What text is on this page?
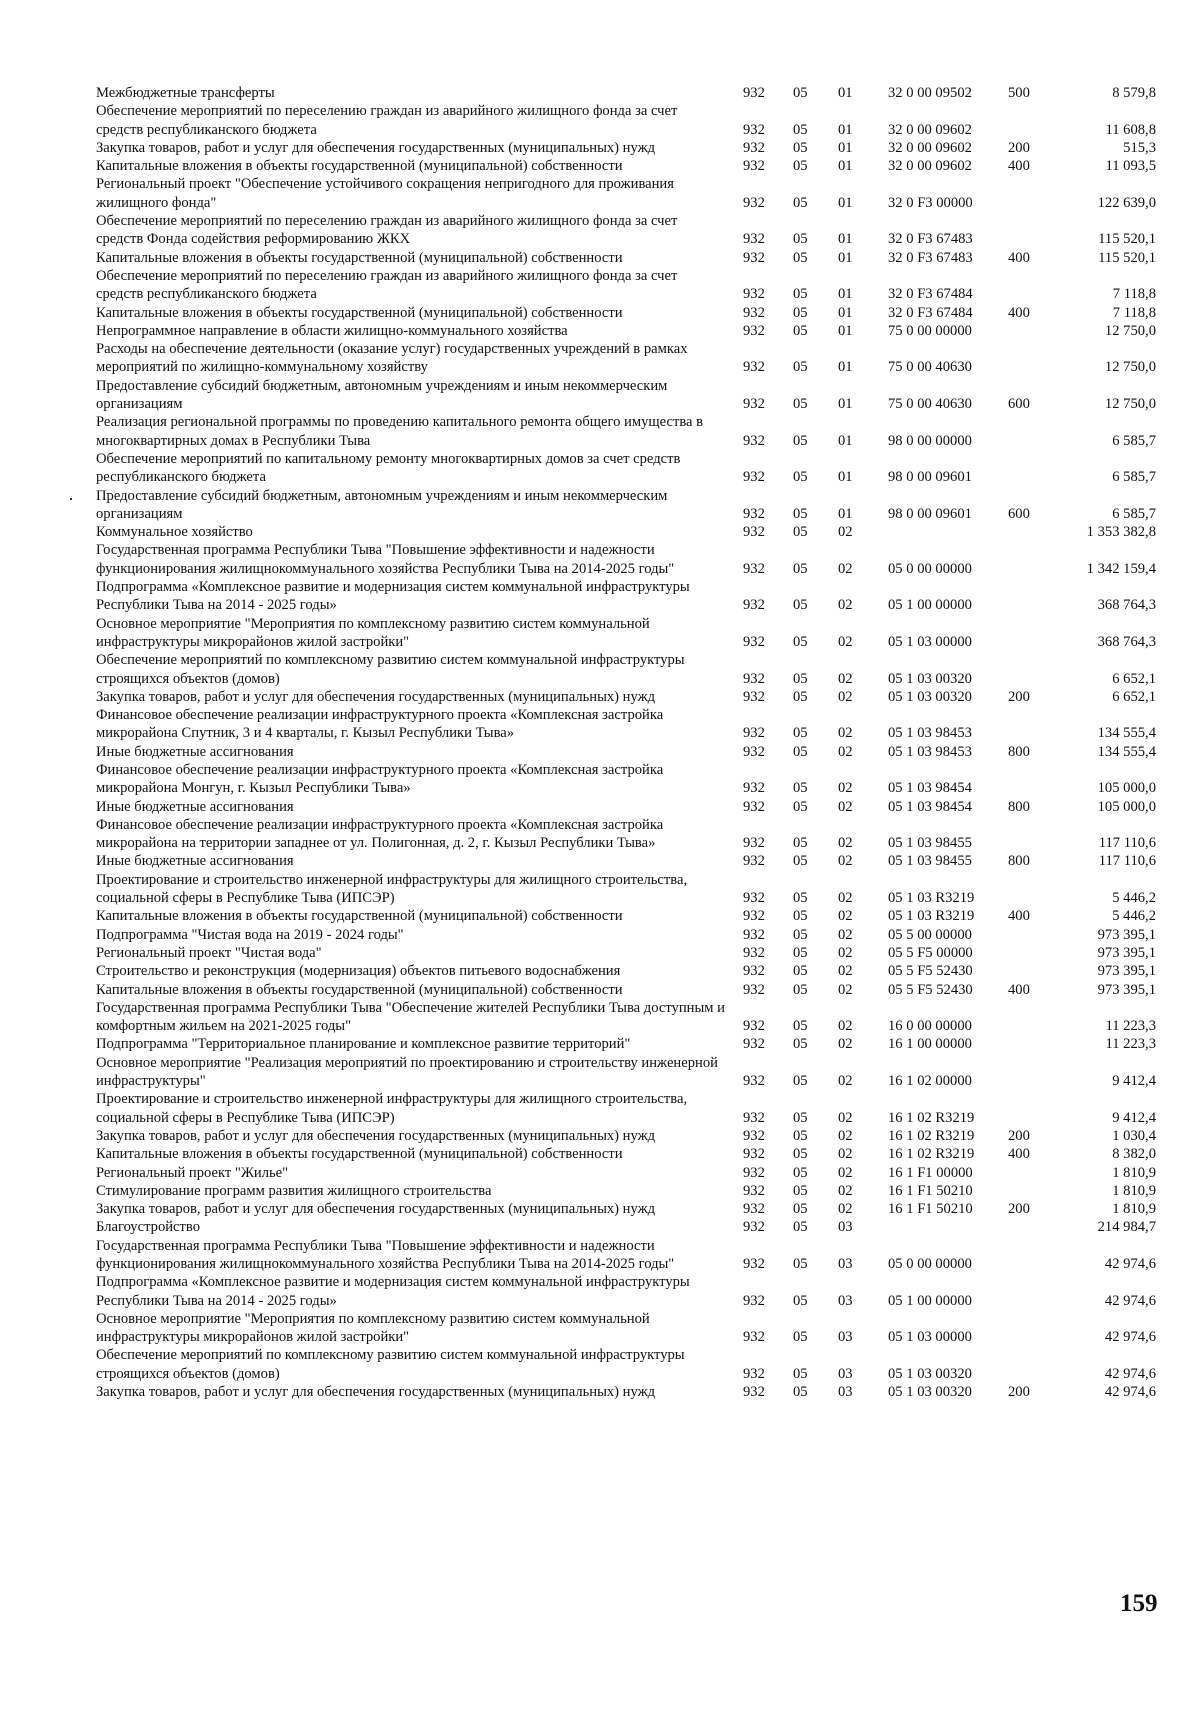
Межбюджетные трансферты	932 05 01 32 0 00 09502 500	8 579,8
Обеспечение мероприятий по переселению граждан из аварийного жилищного фонда за счет средств республиканского бюджета	932 05 01 32 0 00 09602	11 608,8
Закупка товаров, работ и услуг для обеспечения государственных (муниципальных) нужд	932 05 01 32 0 00 09602 200	515,3
Капитальные вложения в объекты государственной (муниципальной) собственности	932 05 01 32 0 00 09602 400	11 093,5
Региональный проект "Обеспечение устойчивого сокращения непригодного для проживания жилищного фонда"	932 05 01 32 0 F3 00000	122 639,0
Обеспечение мероприятий по переселению граждан из аварийного жилищного фонда за счет средств Фонда содействия реформированию ЖКХ	932 05 01 32 0 F3 67483	115 520,1
Капитальные вложения в объекты государственной (муниципальной) собственности	932 05 01 32 0 F3 67483 400	115 520,1
Обеспечение мероприятий по переселению граждан из аварийного жилищного фонда за счет средств республиканского бюджета	932 05 01 32 0 F3 67484	7 118,8
Капитальные вложения в объекты государственной (муниципальной) собственности	932 05 01 32 0 F3 67484 400	7 118,8
Непрограммное направление в области жилищно-коммунального хозяйства	932 05 01 75 0 00 00000	12 750,0
Расходы на обеспечение деятельности (оказание услуг) государственных учреждений в рамках мероприятий по жилищно-коммунальному хозяйству	932 05 01 75 0 00 40630	12 750,0
Предоставление субсидий бюджетным, автономным учреждениям и иным некоммерческим организациям	932 05 01 75 0 00 40630 600	12 750,0
Реализация региональной программы по проведению капитального ремонта общего имущества в многоквартирных домах в Республики Тыва	932 05 01 98 0 00 00000	6 585,7
Обеспечение мероприятий по капитальному ремонту многоквартирных домов за счет средств республиканского бюджета	932 05 01 98 0 00 09601	6 585,7
Предоставление субсидий бюджетным, автономным учреждениям и иным некоммерческим организациям	932 05 01 98 0 00 09601 600	6 585,7
Коммунальное хозяйство	932 05 02	1 353 382,8
Государственная программа Республики Тыва "Повышение эффективности и надежности функционирования жилищнокоммунального хозяйства Республики Тыва на 2014-2025 годы"	932 05 02 05 0 00 00000	1 342 159,4
Подпрограмма «Комплексное развитие и модернизация систем коммунальной инфраструктуры Республики Тыва на 2014 - 2025 годы»	932 05 02 05 1 00 00000	368 764,3
Основное мероприятие "Мероприятия по комплексному развитию систем коммунальной инфраструктуры микрорайонов жилой застройки"	932 05 02 05 1 03 00000	368 764,3
Обеспечение мероприятий по комплексному развитию систем коммунальной инфраструктуры строящихся объектов (домов)	932 05 02 05 1 03 00320	6 652,1
Закупка товаров, работ и услуг для обеспечения государственных (муниципальных) нужд	932 05 02 05 1 03 00320 200	6 652,1
Финансовое обеспечение реализации инфраструктурного проекта «Комплексная застройка микрорайона Спутник, 3 и 4 кварталы, г. Кызыл Республики Тыва»	932 05 02 05 1 03 98453	134 555,4
Иные бюджетные ассигнования	932 05 02 05 1 03 98453 800	134 555,4
Финансовое обеспечение реализации инфраструктурного проекта «Комплексная застройка микрорайона Монгун, г. Кызыл Республики Тыва»	932 05 02 05 1 03 98454	105 000,0
Иные бюджетные ассигнования	932 05 02 05 1 03 98454 800	105 000,0
Финансовое обеспечение реализации инфраструктурного проекта «Комплексная застройка микрорайона на территории западнее от ул. Полигонная, д. 2, г. Кызыл Республики Тыва»	932 05 02 05 1 03 98455	117 110,6
Иные бюджетные ассигнования	932 05 02 05 1 03 98455 800	117 110,6
Проектирование и строительство инженерной инфраструктуры для жилищного строительства, социальной сферы в Республике Тыва (ИПСЭР)	932 05 02 05 1 03 R3219	5 446,2
Капитальные вложения в объекты государственной (муниципальной) собственности	932 05 02 05 1 03 R3219 400	5 446,2
Подпрограмма "Чистая вода на 2019 - 2024 годы"	932 05 02 05 5 00 00000	973 395,1
Региональный проект "Чистая вода"	932 05 02 05 5 F5 00000	973 395,1
Строительство и реконструкция (модернизация) объектов питьевого водоснабжения	932 05 02 05 5 F5 52430	973 395,1
Капитальные вложения в объекты государственной (муниципальной) собственности	932 05 02 05 5 F5 52430 400	973 395,1
Государственная программа Республики Тыва "Обеспечение жителей Республики Тыва доступным и комфортным жильем на 2021-2025 годы"	932 05 02 16 0 00 00000	11 223,3
Подпрограмма "Территориальное планирование и комплексное развитие территорий"	932 05 02 16 1 00 00000	11 223,3
Основное мероприятие "Реализация мероприятий по проектированию и строительству инженерной инфраструктуры"	932 05 02 16 1 02 00000	9 412,4
Проектирование и строительство инженерной инфраструктуры для жилищного строительства, социальной сферы в Республике Тыва (ИПСЭР)	932 05 02 16 1 02 R3219	9 412,4
Закупка товаров, работ и услуг для обеспечения государственных (муниципальных) нужд	932 05 02 16 1 02 R3219 200	1 030,4
Капитальные вложения в объекты государственной (муниципальной) собственности	932 05 02 16 1 02 R3219 400	8 382,0
Региональный проект "Жилье"	932 05 02 16 1 F1 00000	1 810,9
Стимулирование программ развития жилищного строительства	932 05 02 16 1 F1 50210	1 810,9
Закупка товаров, работ и услуг для обеспечения государственных (муниципальных) нужд	932 05 02 16 1 F1 50210 200	1 810,9
Благоустройство	932 05 03	214 984,7
Государственная программа Республики Тыва "Повышение эффективности и надежности функционирования жилищнокоммунального хозяйства Республики Тыва на 2014-2025 годы"	932 05 03 05 0 00 00000	42 974,6
Подпрограмма «Комплексное развитие и модернизация систем коммунальной инфраструктуры Республики Тыва на 2014 - 2025 годы»	932 05 03 05 1 00 00000	42 974,6
Основное мероприятие "Мероприятия по комплексному развитию систем коммунальной инфраструктуры микрорайонов жилой застройки"	932 05 03 05 1 03 00000	42 974,6
Обеспечение мероприятий по комплексному развитию систем коммунальной инфраструктуры строящихся объектов (домов)	932 05 03 05 1 03 00320	42 974,6
Закупка товаров, работ и услуг для обеспечения государственных (муниципальных) нужд	932 05 03 05 1 03 00320 200	42 974,6
159
